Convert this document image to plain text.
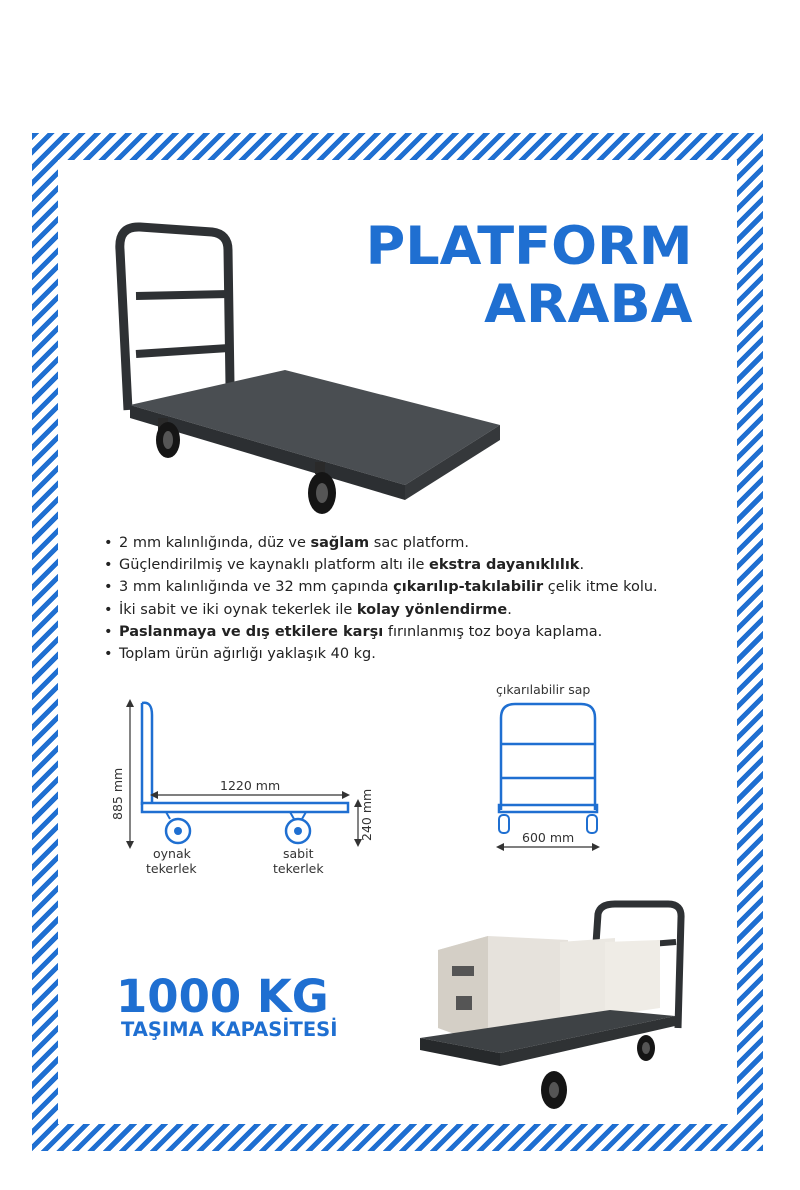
PLATFORM
ARABA
• 2 mm kalınlığında, düz ve sağlam sac platform.
• Güçlendirilmiş ve kaynaklı platform altı ile ekstra dayanıklılık.
• 3 mm kalınlığında ve 32 mm çapında çıkarılıp-takılabilir çelik itme kolu.
• İki sabit ve iki oynak tekerlek ile kolay yönlendirme.
• Paslanmaya ve dış etkilere karşı fırınlanmış toz boya kaplama.
• Toplam ürün ağırlığı yaklaşık 40 kg.
885 mm	1220 mm
240 mm
oynak
tekerlek
sabit
tekerlek
çıkarılabilir sap
600 mm
1000 KG
TAŞIMA KAPASİTESİ
